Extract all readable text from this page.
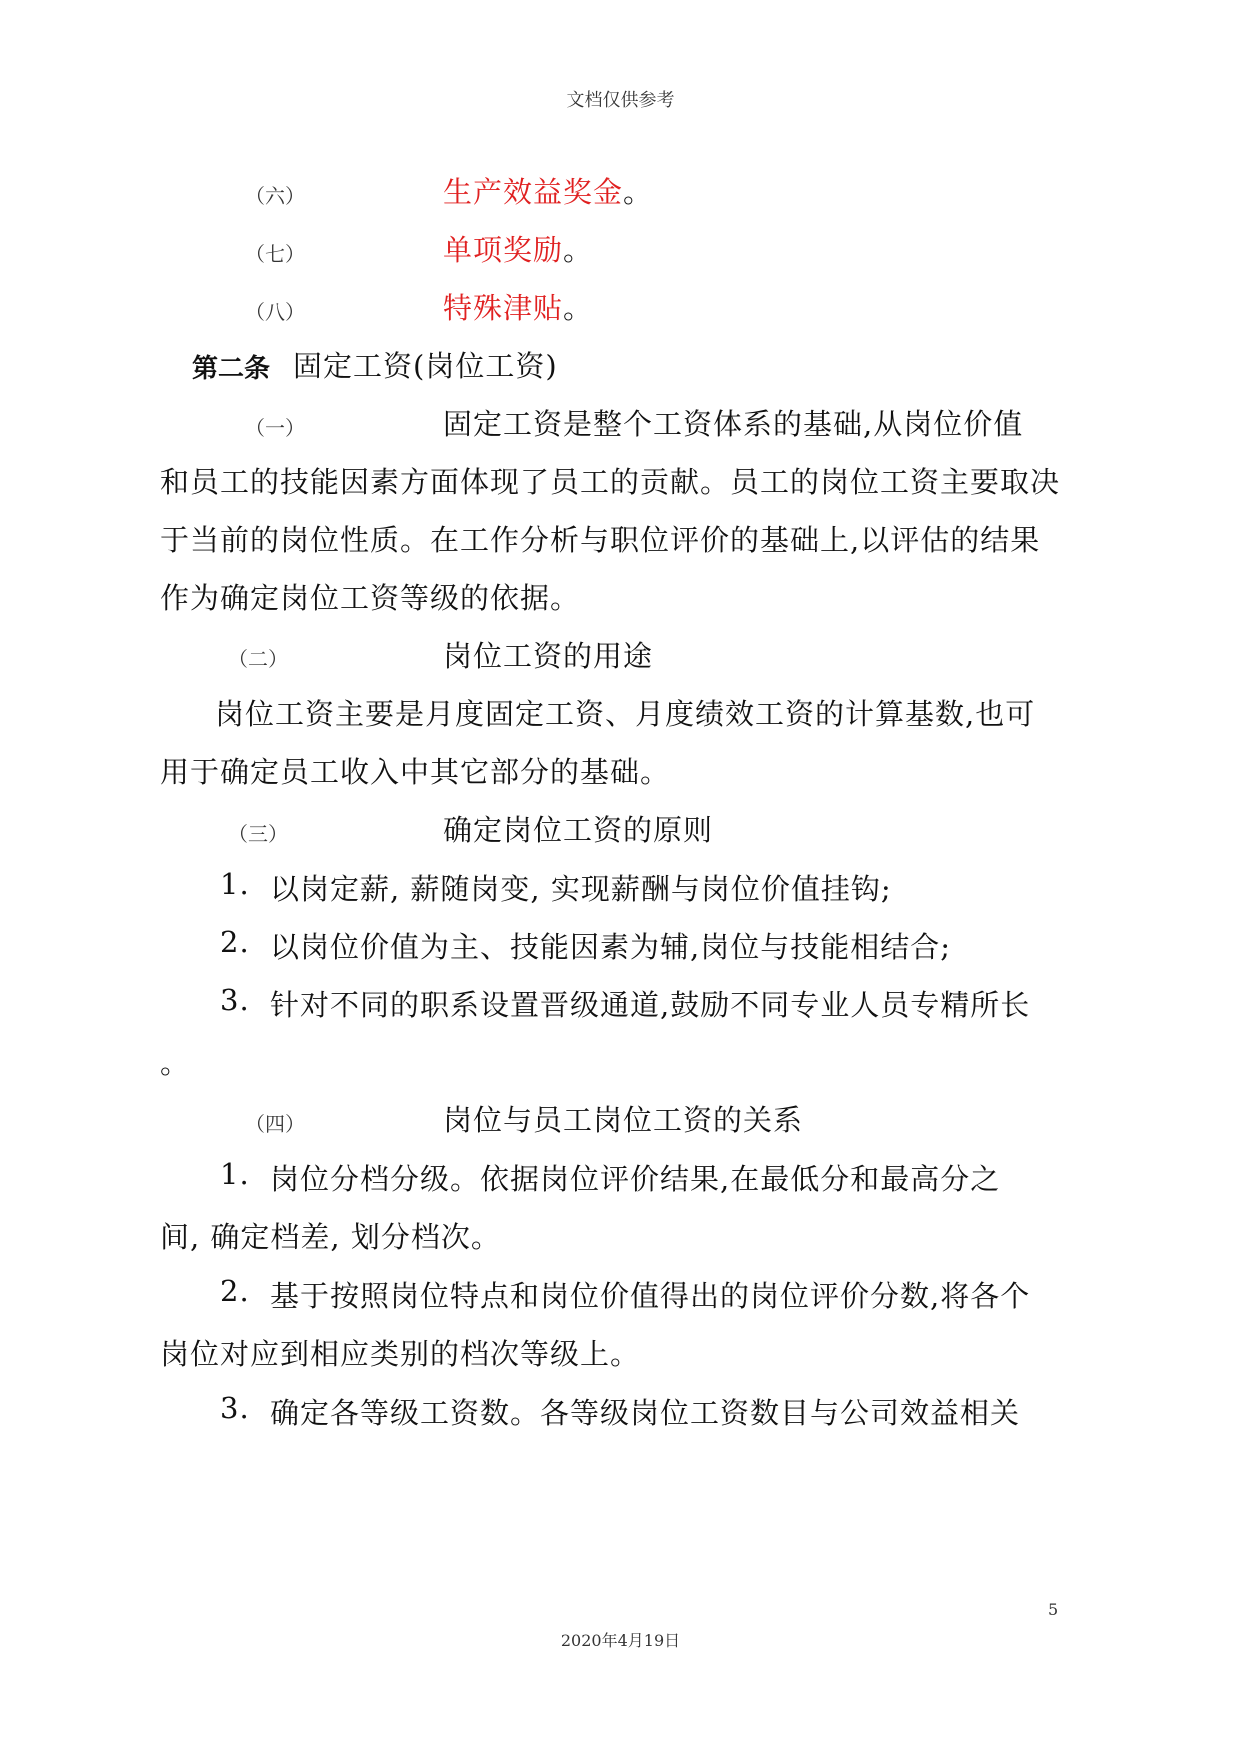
文档仅供参考
（六）	生产效益奖金。
（七）	单项奖励。
（八）	特殊津贴。
第二条 固定工资(岗位工资)
（一）	固定工资是整个工资体系的基础,从岗位价值
和员工的技能因素方面体现了员工的贡献。员工的岗位工资主要取决
于当前的岗位性质。在工作分析与职位评价的基础上,以评估的结果
作为确定岗位工资等级的依据。
（二）	岗位工资的用途
岗位工资主要是月度固定工资、月度绩效工资的计算基数,也可
用于确定员工收入中其它部分的基础。
（三）	确定岗位工资的原则
1. 以岗定薪, 薪随岗变, 实现薪酬与岗位价值挂钩;
2. 以岗位价值为主、技能因素为辅,岗位与技能相结合;
3. 针对不同的职系设置晋级通道,鼓励不同专业人员专精所长
。
（四）	岗位与员工岗位工资的关系
1. 岗位分档分级。依据岗位评价结果,在最低分和最高分之
间, 确定档差, 划分档次。
2. 基于按照岗位特点和岗位价值得出的岗位评价分数,将各个
岗位对应到相应类别的档次等级上。
3. 确定各等级工资数。各等级岗位工资数目与公司效益相关
5
2020年4月19日
